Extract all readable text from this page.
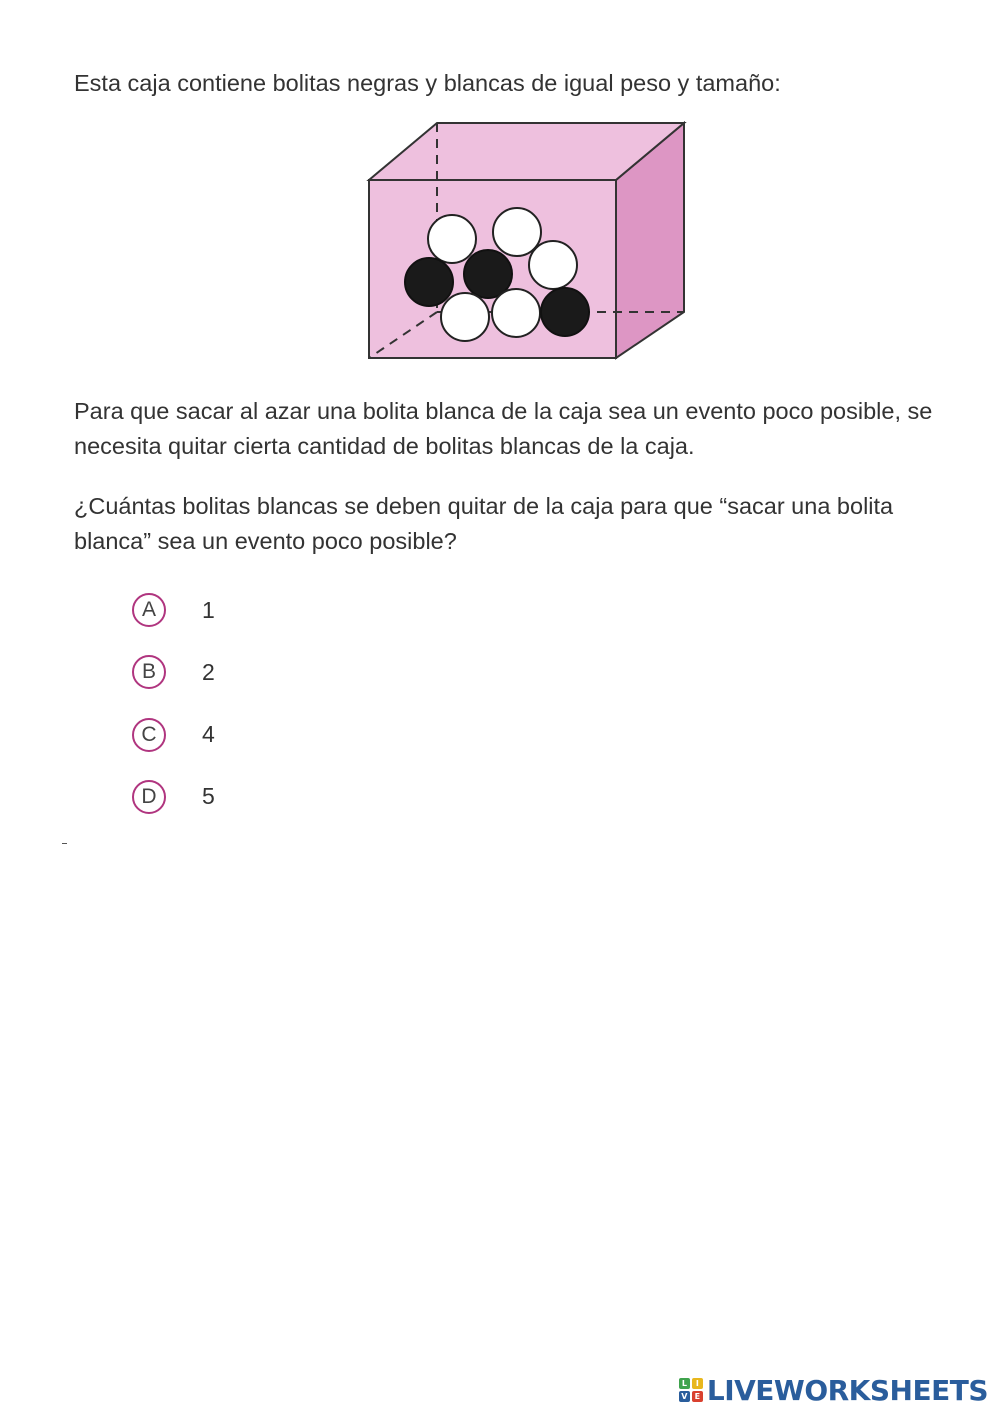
Esta caja contiene bolitas negras y blancas de igual peso y tamaño:

Para que sacar al azar una bolita blanca de la caja sea un evento poco posible, se necesita quitar cierta cantidad de bolitas blancas de la caja.

¿Cuántas bolitas blancas se deben quitar de la caja para que “sacar una bolita blanca” sea un evento poco posible?

A	1
B	2
C	4
D	5
L	I
V E LIVEWORKSHEETS
